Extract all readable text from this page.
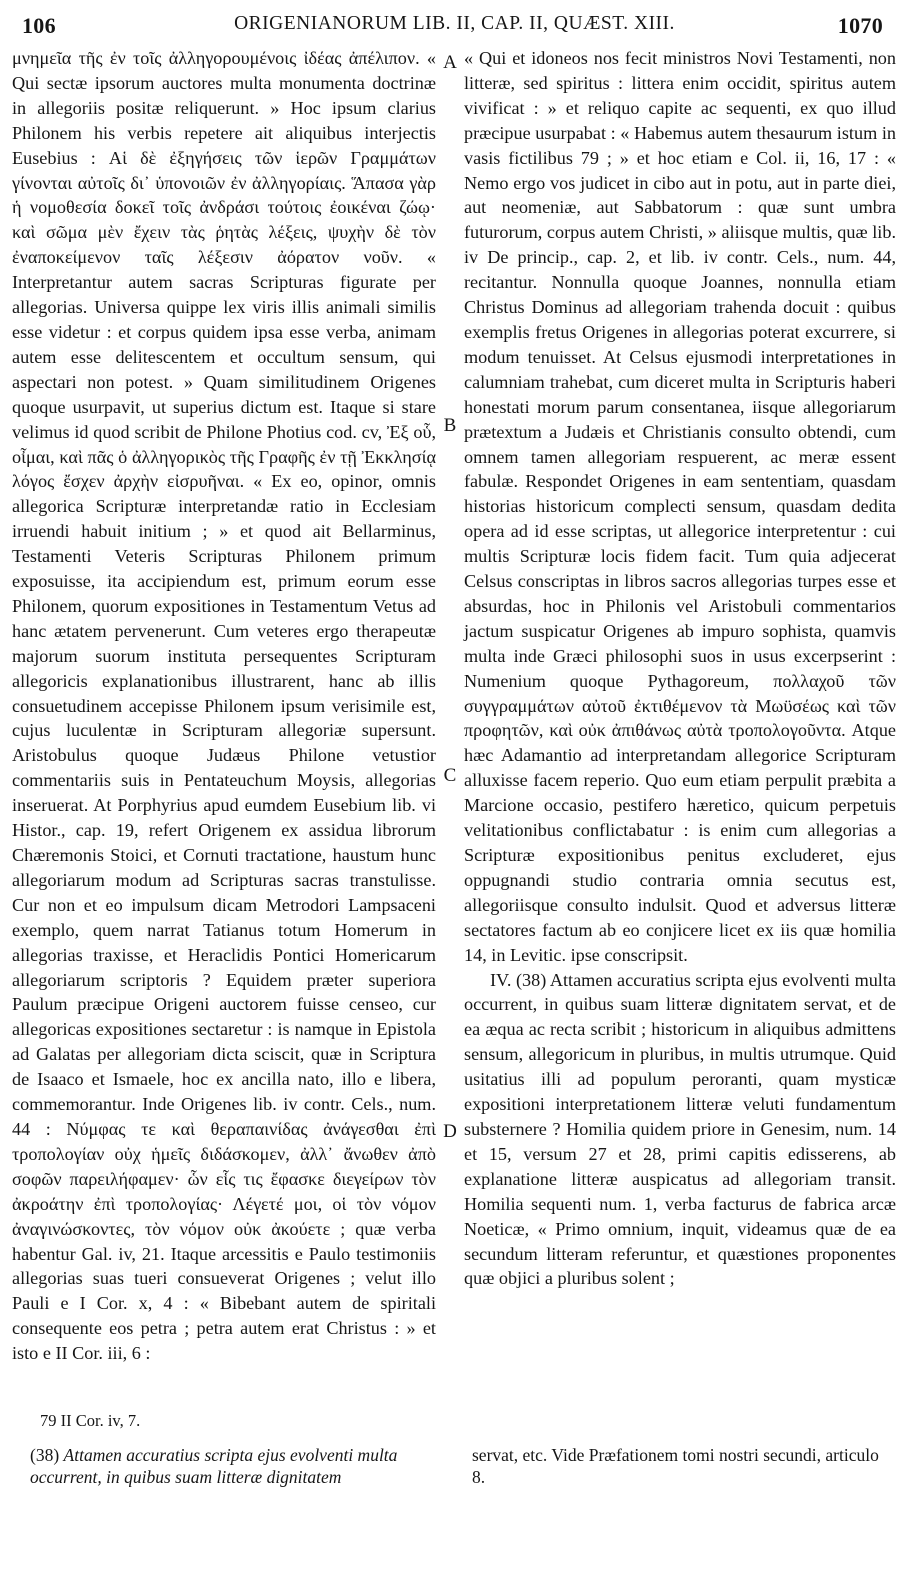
106	ORIGENIANORUM LIB. II, CAP. II, QUÆST. XIII.	1070

μνημεῖα τῆς ἐν τοῖς ἀλληγορουμένοις ἰδέας ἀπέλιπον. « Qui sectæ ipsorum auctores multa monumenta doctrinæ in allegoriis positæ reliquerunt. » Hoc ipsum clarius Philonem his verbis repetere ait aliquibus interjectis Eusebius : Αἱ δὲ ἐξηγήσεις τῶν ἱερῶν Γραμμάτων γίνονται αὐτοῖς δι᾽ ὑπονοιῶν ἐν ἀλληγορίαις. Ἅπασα γὰρ ἡ νομοθεσία δοκεῖ τοῖς ἀνδράσι τούτοις ἐοικέναι ζώῳ· καὶ σῶμα μὲν ἔχειν τὰς ῥητὰς λέξεις, ψυχὴν δὲ τὸν ἐναποκείμενον ταῖς λέξεσιν ἀόρατον νοῦν. « Interpretantur autem sacras Scripturas figurate per allegorias. Universa quippe lex viris illis animali similis esse videtur : et corpus quidem ipsa esse verba, animam autem esse delitescentem et occultum sensum, qui aspectari non potest. » Quam similitudinem Origenes quoque usurpavit, ut superius dictum est. Itaque si stare velimus id quod scribit de Philone Photius cod. cv, Ἐξ οὗ, οἶμαι, καὶ πᾶς ὁ ἀλληγορικὸς τῆς Γραφῆς ἐν τῇ Ἐκκλησίᾳ λόγος ἔσχεν ἀρχὴν εἰσρυῆναι. « Ex eo, opinor, omnis allegorica Scripturæ interpretandæ ratio in Ecclesiam irruendi habuit initium ; » et quod ait Bellarminus, Testamenti Veteris Scripturas Philonem primum exposuisse, ita accipiendum est, primum eorum esse Philonem, quorum expositiones in Testamentum Vetus ad hanc ætatem pervenerunt. Cum veteres ergo therapeutæ majorum suorum instituta persequentes Scripturam allegoricis explanationibus illustrarent, hanc ab illis consuetudinem accepisse Philonem ipsum verisimile est, cujus luculentæ in Scripturam allegoriæ supersunt. Aristobulus quoque Judæus Philone vetustior commentariis suis in Pentateuchum Moysis, allegorias inseruerat. At Porphyrius apud eumdem Eusebium lib. vi Histor., cap. 19, refert Origenem ex assidua librorum Chæremonis Stoici, et Cornuti tractatione, haustum hunc allegoriarum modum ad Scripturas sacras transtulisse. Cur non et eo impulsum dicam Metrodori Lampsaceni exemplo, quem narrat Tatianus totum Homerum in allegorias traxisse, et Heraclidis Pontici Homericarum allegoriarum scriptoris ? Equidem præter superiora Paulum præcipue Origeni auctorem fuisse censeo, cur allegoricas expositiones sectaretur : is namque in Epistola ad Galatas per allegoriam dicta sciscit, quæ in Scriptura de Isaaco et Ismaele, hoc ex ancilla nato, illo e libera, commemorantur. Inde Origenes lib. iv contr. Cels., num. 44 : Νύμφας τε καὶ θεραπαινίδας ἀνάγεσθαι ἐπὶ τροπολογίαν οὐχ ἡμεῖς διδάσκομεν, ἀλλ᾽ ἄνωθεν ἀπὸ σοφῶν παρειλήφαμεν· ὧν εἷς τις ἔφασκε διεγείρων τὸν ἀκροάτην ἐπὶ τροπολογίας· Λέγετέ μοι, οἱ τὸν νόμον ἀναγινώσκοντες, τὸν νόμον οὐκ ἀκούετε ; quæ verba habentur Gal. iv, 21. Itaque arcessitis e Paulo testimoniis allegorias suas tueri consueverat Origenes ; velut illo Pauli e I Cor. x, 4 : « Bibebant autem de spiritali consequente eos petra ; petra autem erat Christus : » et isto e II Cor. iii, 6 :

A
B
C
D

« Qui et idoneos nos fecit ministros Novi Testamenti, non litteræ, sed spiritus : littera enim occidit, spiritus autem vivificat : » et reliquo capite ac sequenti, ex quo illud præcipue usurpabat : « Habemus autem thesaurum istum in vasis fictilibus 79 ; » et hoc etiam e Col. ii, 16, 17 : « Nemo ergo vos judicet in cibo aut in potu, aut in parte diei, aut neomeniæ, aut Sabbatorum : quæ sunt umbra futurorum, corpus autem Christi, » aliisque multis, quæ lib. iv De princip., cap. 2, et lib. iv contr. Cels., num. 44, recitantur. Nonnulla quoque Joannes, nonnulla etiam Christus Dominus ad allegoriam trahenda docuit : quibus exemplis fretus Origenes in allegorias poterat excurrere, si modum tenuisset. At Celsus ejusmodi interpretationes in calumniam trahebat, cum diceret multa in Scripturis haberi honestati morum parum consentanea, iisque allegoriarum prætextum a Judæis et Christianis consulto obtendi, cum omnem tamen allegoriam respuerent, ac meræ essent fabulæ. Respondet Origenes in eam sententiam, quasdam historias historicum complecti sensum, quasdam dedita opera ad id esse scriptas, ut allegorice interpretentur : cui multis Scripturæ locis fidem facit. Tum quia adjecerat Celsus conscriptas in libros sacros allegorias turpes esse et absurdas, hoc in Philonis vel Aristobuli commentarios jactum suspicatur Origenes ab impuro sophista, quamvis multa inde Græci philosophi suos in usus excerpserint : Numenium quoque Pythagoreum, πολλαχοῦ τῶν συγγραμμάτων αὐτοῦ ἐκτιθέμενον τὰ Μωϋσέως καὶ τῶν προφητῶν, καὶ οὐκ ἀπιθάνως αὐτὰ τροπολογοῦντα. Atque hæc Adamantio ad interpretandam allegorice Scripturam alluxisse facem reperio. Quo eum etiam perpulit præbita a Marcione occasio, pestifero hæretico, quicum perpetuis velitationibus conflictabatur : is enim cum allegorias a Scripturæ expositionibus penitus excluderet, ejus oppugnandi studio contraria omnia secutus est, allegoriisque consulto indulsit. Quod et adversus litteræ sectatores factum ab eo conjicere licet ex iis quæ homilia 14, in Levitic. ipse conscripsit.

IV. (38) Attamen accuratius scripta ejus evolventi multa occurrent, in quibus suam litteræ dignitatem servat, et de ea æqua ac recta scribit ; historicum in aliquibus admittens sensum, allegoricum in pluribus, in multis utrumque. Quid usitatius illi ad populum peroranti, quam mysticæ expositioni interpretationem litteræ veluti fundamentum substernere ? Homilia quidem priore in Genesim, num. 14 et 15, versum 27 et 28, primi capitis edisserens, ab explanatione litteræ auspicatus ad allegoriam transit. Homilia sequenti num. 1, verba facturus de fabrica arcæ Noeticæ, « Primo omnium, inquit, videamus quæ de ea secundum litteram referuntur, et quæstiones proponentes quæ objici a pluribus solent ;

79 II Cor. iv, 7.
(38) Attamen accuratius scripta ejus evolventi multa occurrent, in quibus suam litteræ dignitatem
servat, etc. Vide Præfationem tomi nostri secundi, articulo 8.
